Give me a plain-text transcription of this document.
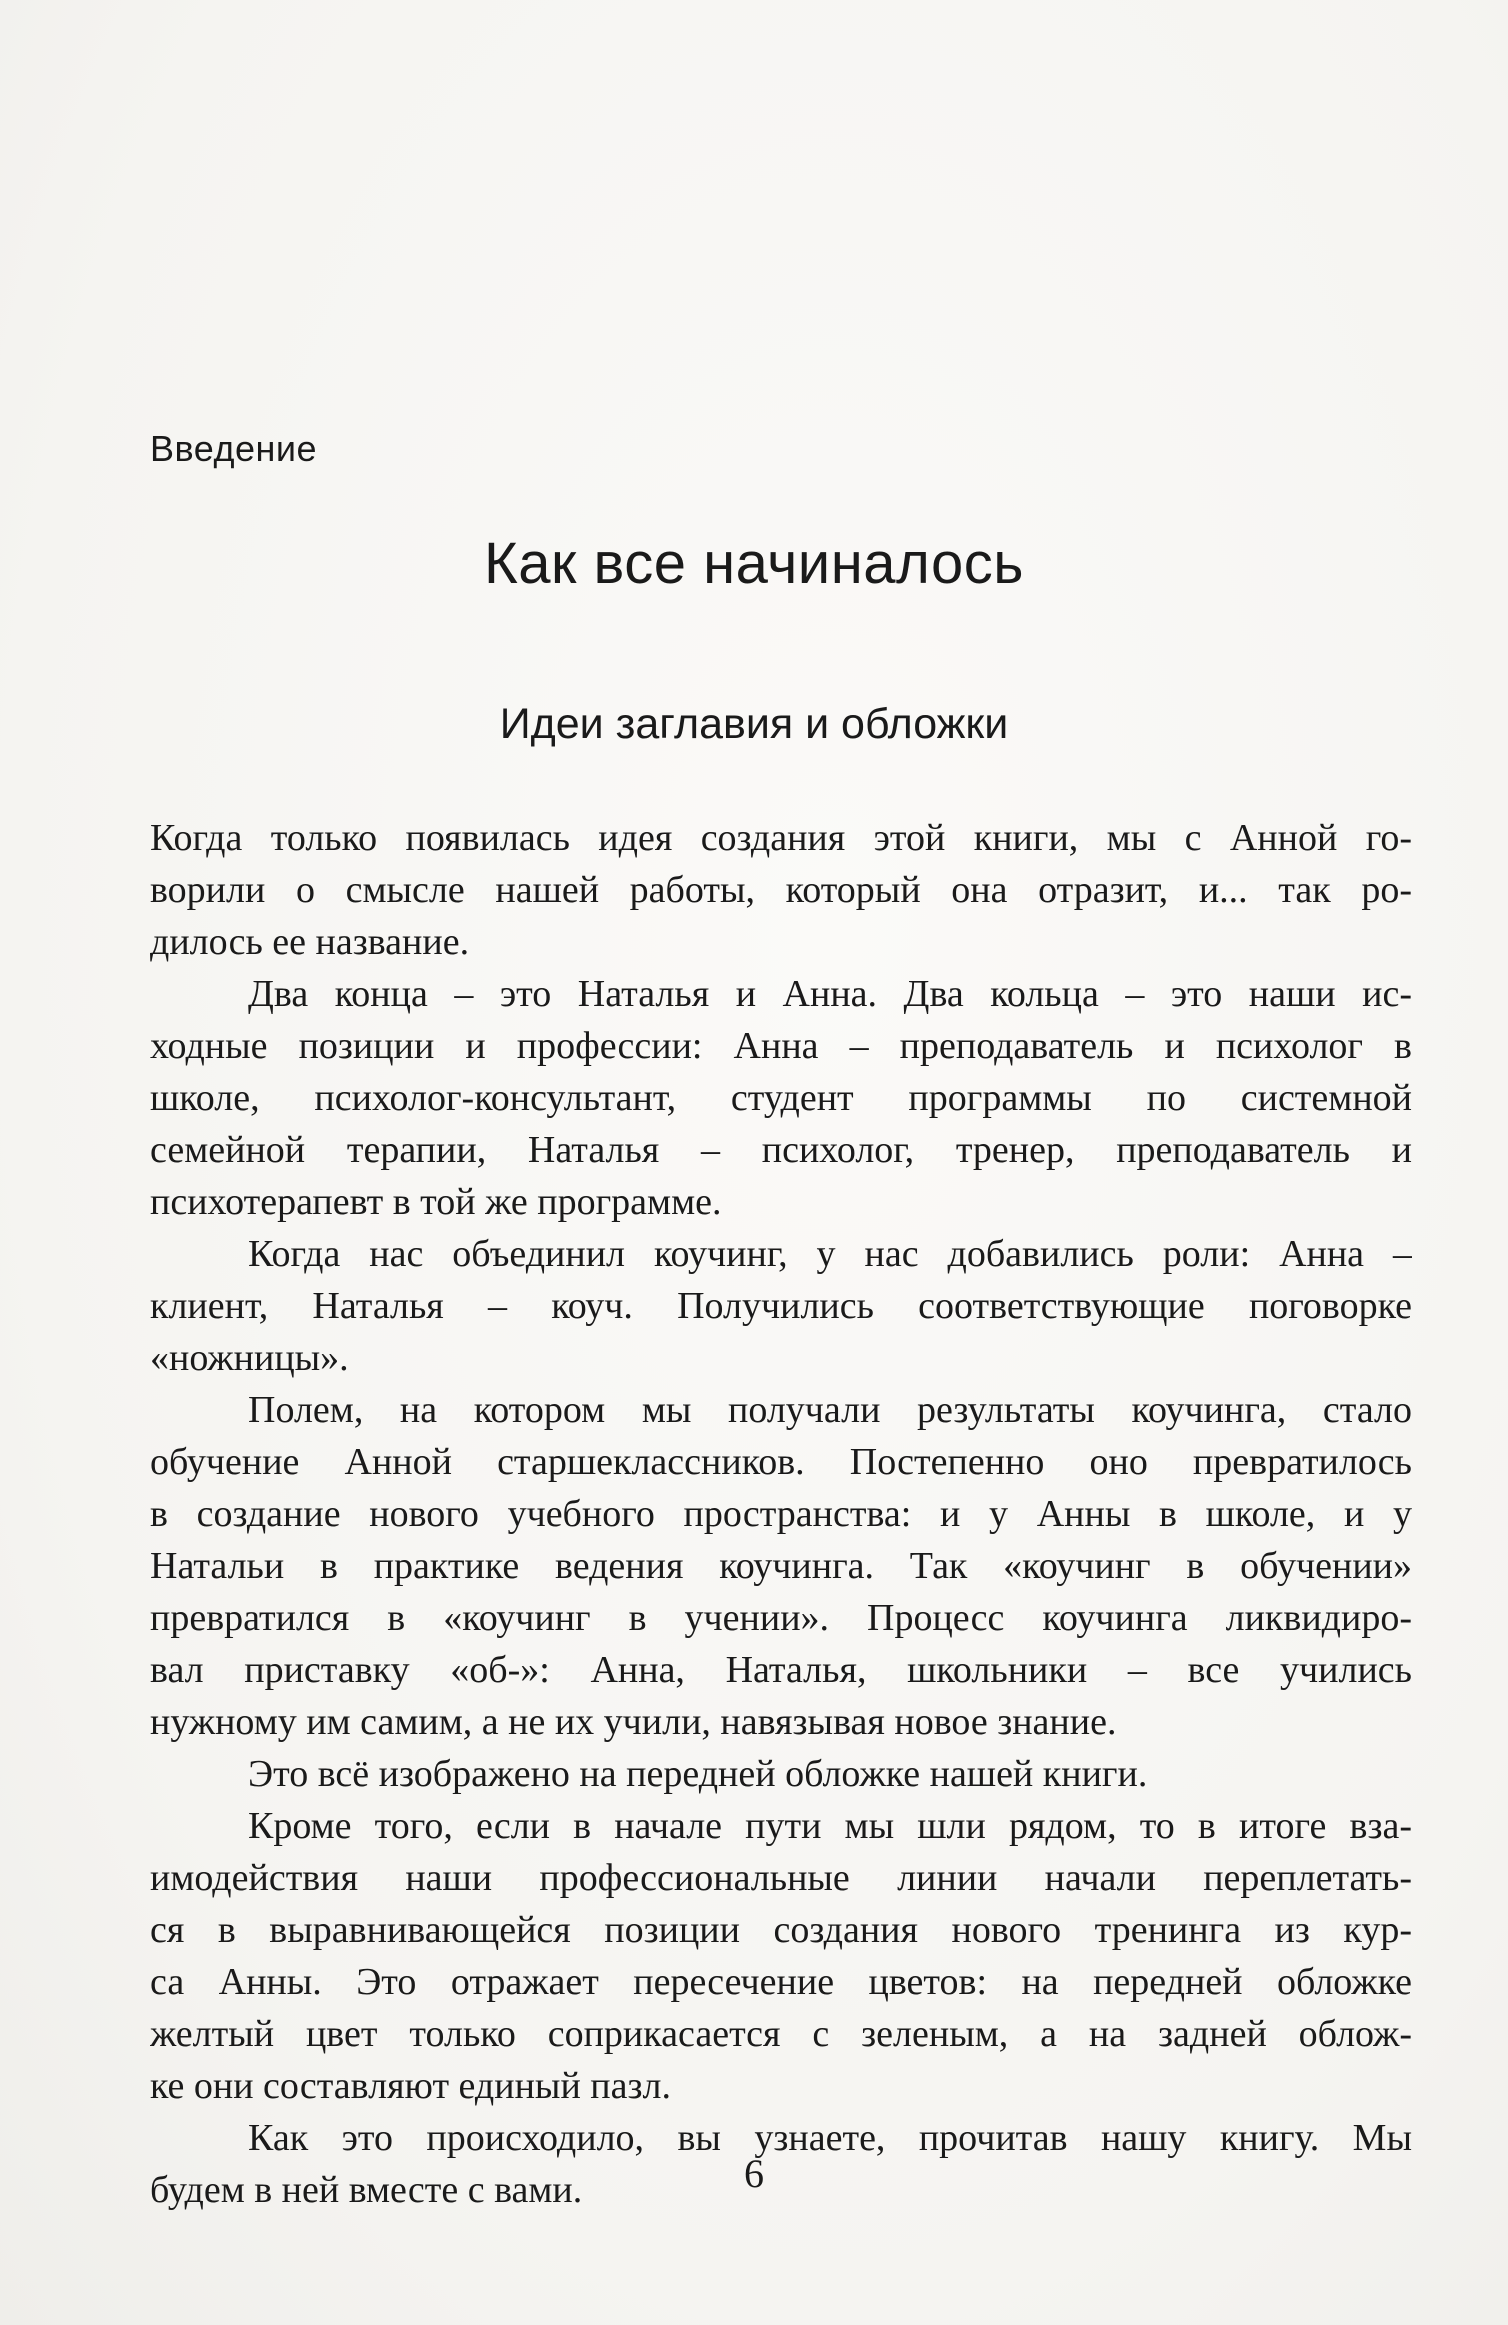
Введение
Как все начиналось
Идеи заглавия и обложки
Когда только появилась идея создания этой книги, мы с Анной го-
ворили о смысле нашей работы, который она отразит, и... так ро-
дилось ее название.
Два конца – это Наталья и Анна. Два кольца – это наши ис-
ходные позиции и профессии: Анна – преподаватель и психолог в
школе, психолог-консультант, студент программы по системной
семейной терапии, Наталья – психолог, тренер, преподаватель и
психотерапевт в той же программе.
Когда нас объединил коучинг, у нас добавились роли: Анна –
клиент, Наталья – коуч. Получились соответствующие поговорке
«ножницы».
Полем, на котором мы получали результаты коучинга, стало
обучение Анной старшеклассников. Постепенно оно превратилось
в создание нового учебного пространства: и у Анны в школе, и у
Натальи в практике ведения коучинга. Так «коучинг в обучении»
превратился в «коучинг в учении». Процесс коучинга ликвидиро-
вал приставку «об-»: Анна, Наталья, школьники – все учились
нужному им самим, а не их учили, навязывая новое знание.
Это всё изображено на передней обложке нашей книги.
Кроме того, если в начале пути мы шли рядом, то в итоге вза-
имодействия наши профессиональные линии начали переплетать-
ся в выравнивающейся позиции создания нового тренинга из кур-
са Анны. Это отражает пересечение цветов: на передней обложке
желтый цвет только соприкасается с зеленым, а на задней облож-
ке они составляют единый пазл.
Как это происходило, вы узнаете, прочитав нашу книгу. Мы
будем в ней вместе с вами.	6
